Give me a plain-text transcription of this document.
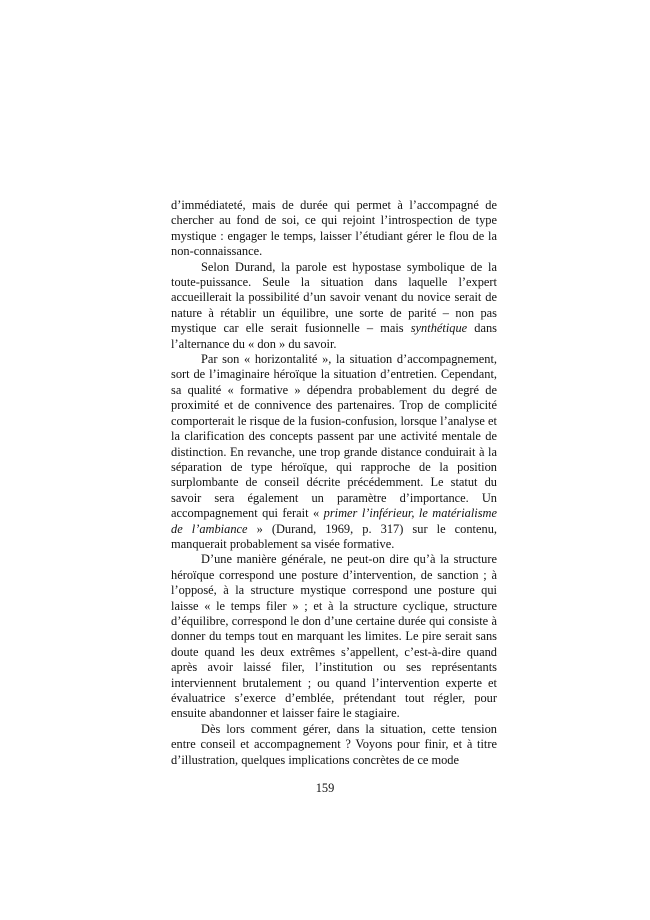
d’immédiateté, mais de durée qui permet à l’accompagné de chercher au fond de soi, ce qui rejoint l’introspection de type mystique : engager le temps, laisser l’étudiant gérer le flou de la non-connaissance.

Selon Durand, la parole est hypostase symbolique de la toute-puissance. Seule la situation dans laquelle l’expert accueillerait la possibilité d’un savoir venant du novice serait de nature à rétablir un équilibre, une sorte de parité – non pas mystique car elle serait fusionnelle – mais synthétique dans l’alternance du « don » du savoir.

Par son « horizontalité », la situation d’accompagnement, sort de l’imaginaire héroïque la situation d’entretien. Cependant, sa qualité « formative » dépendra probablement du degré de proximité et de connivence des partenaires. Trop de complicité comporterait le risque de la fusion-confusion, lorsque l’analyse et la clarification des concepts passent par une activité mentale de distinction. En revanche, une trop grande distance conduirait à la séparation de type héroïque, qui rapproche de la position surplombante de conseil décrite précédemment. Le statut du savoir sera également un paramètre d’importance. Un accompagnement qui ferait « primer l’inférieur, le matérialisme de l’ambiance » (Durand, 1969, p. 317) sur le contenu, manquerait probablement sa visée formative.

D’une manière générale, ne peut-on dire qu’à la structure héroïque correspond une posture d’intervention, de sanction ; à l’opposé, à la structure mystique correspond une posture qui laisse « le temps filer » ; et à la structure cyclique, structure d’équilibre, correspond le don d’une certaine durée qui consiste à donner du temps tout en marquant les limites. Le pire serait sans doute quand les deux extrêmes s’appellent, c’est-à-dire quand après avoir laissé filer, l’institution ou ses représentants interviennent brutalement ; ou quand l’intervention experte et évaluatrice s’exerce d’emblée, prétendant tout régler, pour ensuite abandonner et laisser faire le stagiaire.

Dès lors comment gérer, dans la situation, cette tension entre conseil et accompagnement ? Voyons pour finir, et à titre d’illustration, quelques implications concrètes de ce mode

159
